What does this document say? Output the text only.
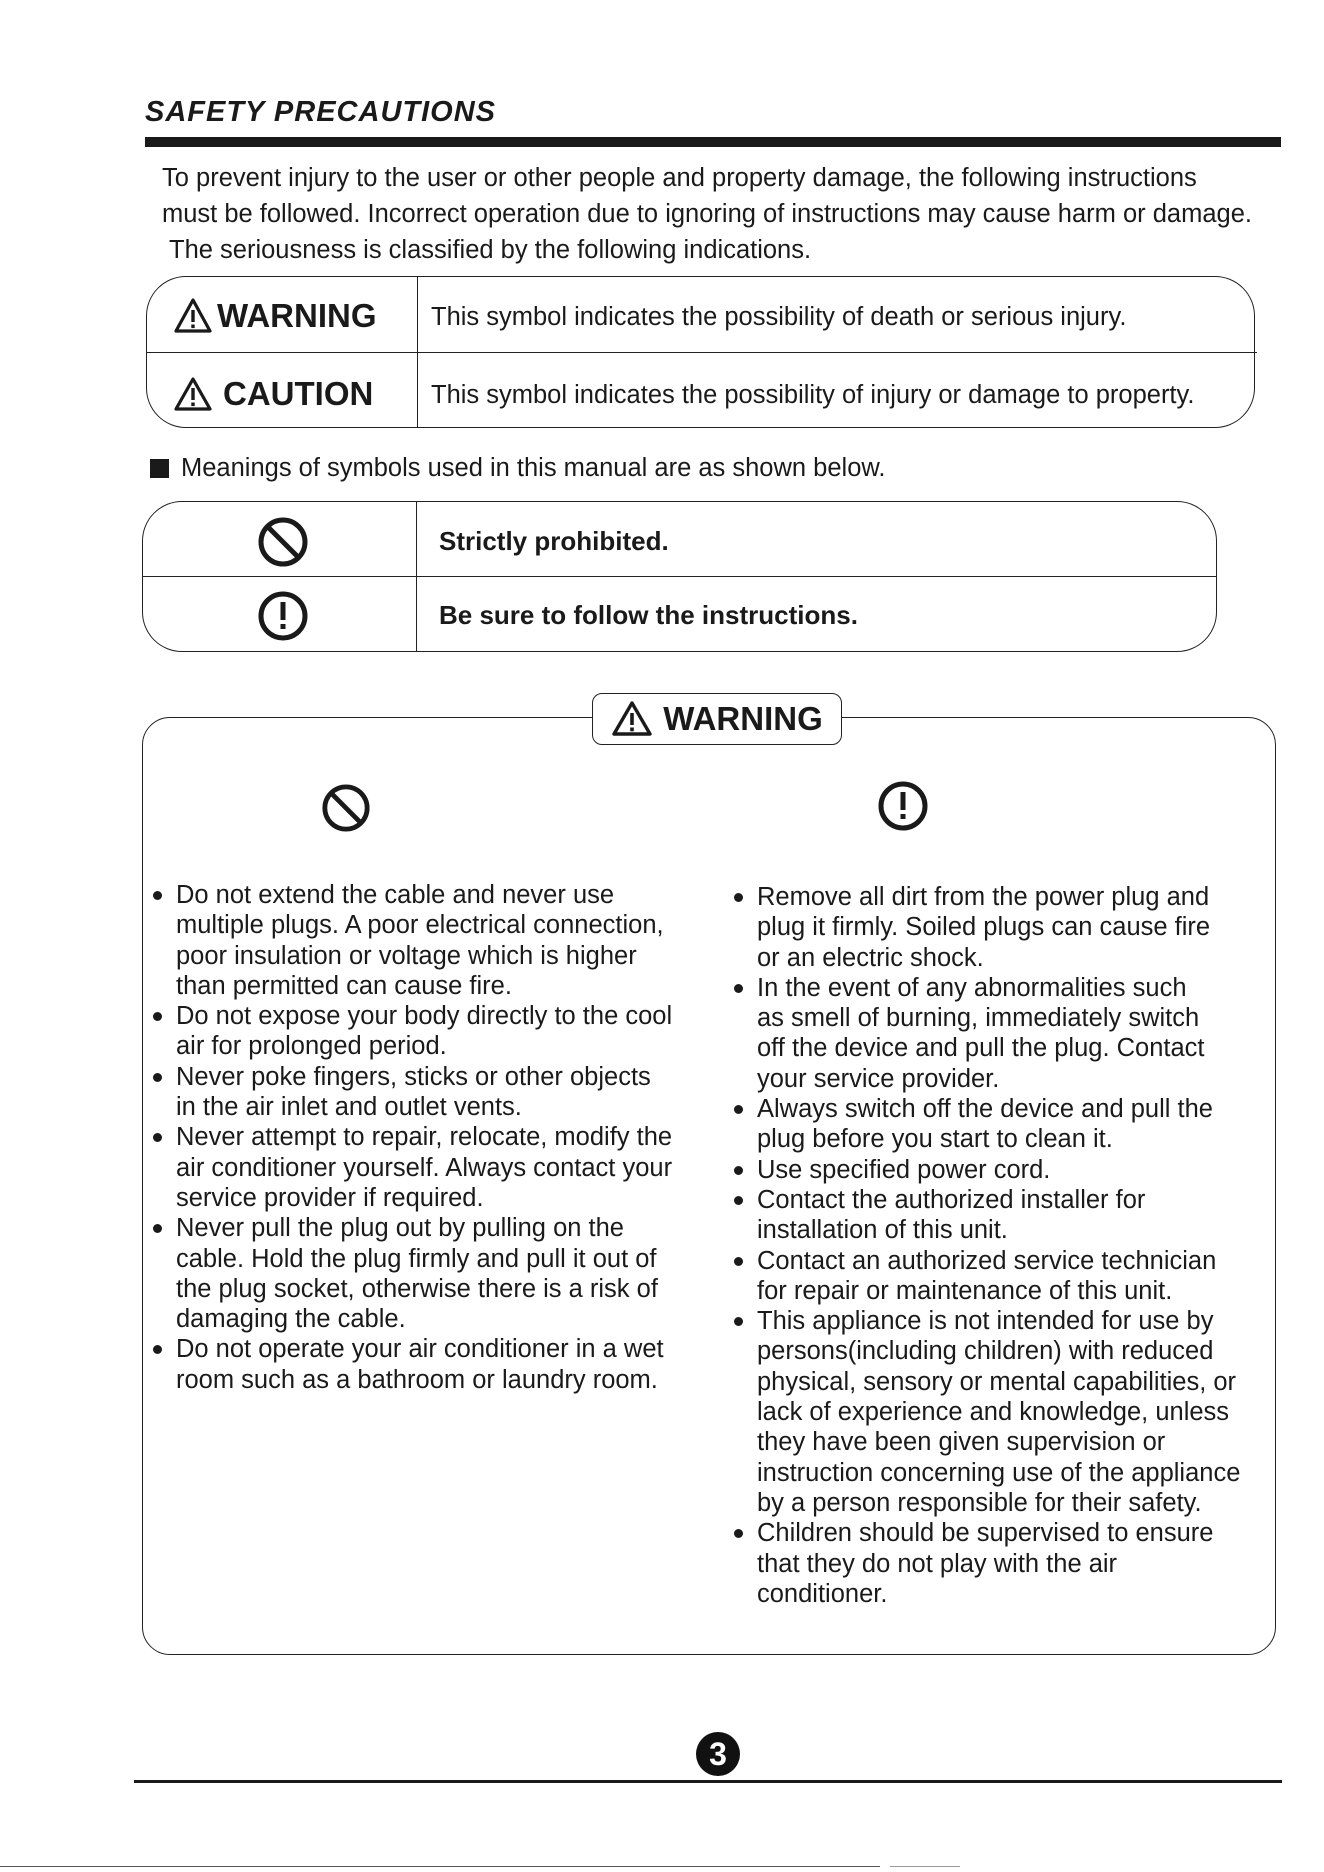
SAFETY PRECAUTIONS
To prevent injury to the user or other people and property damage, the following instructions
must be followed. Incorrect operation due to ignoring of instructions may cause harm or damage.
The seriousness is classified by the following indications.
WARNING This symbol indicates the possibility of death or serious injury.
CAUTION This symbol indicates the possibility of injury or damage to property.
Meanings of symbols used in this manual are as shown below.
Strictly prohibited.
Be sure to follow the instructions.
WARNING
Do not extend the cable and never use
multiple plugs. A poor electrical connection,
poor insulation or voltage which is higher
than permitted can cause fire.
Do not expose your body directly to the cool
air for prolonged period.
Never poke fingers, sticks or other objects
in the air inlet and outlet vents.
Never attempt to repair, relocate, modify the
air conditioner yourself. Always contact your
service provider if required.
Never pull the plug out by pulling on the
cable. Hold the plug firmly and pull it out of
the plug socket, otherwise there is a risk of
damaging the cable.
Do not operate your air conditioner in a wet
room such as a bathroom or laundry room.
Remove all dirt from the power plug and
plug it firmly. Soiled plugs can cause fire
or an electric shock.
In the event of any abnormalities such
as smell of burning, immediately switch
off the device and pull the plug. Contact
your service provider.
Always switch off the device and pull the
plug before you start to clean it.
Use specified power cord.
Contact the authorized installer for
installation of this unit.
Contact an authorized service technician
for repair or maintenance of this unit.
This appliance is not intended for use by
persons(including children) with reduced
physical, sensory or mental capabilities, or
lack of experience and knowledge, unless
they have been given supervision or
instruction concerning use of the appliance
by a person responsible for their safety.
Children should be supervised to ensure
that they do not play with the air
conditioner.
3
